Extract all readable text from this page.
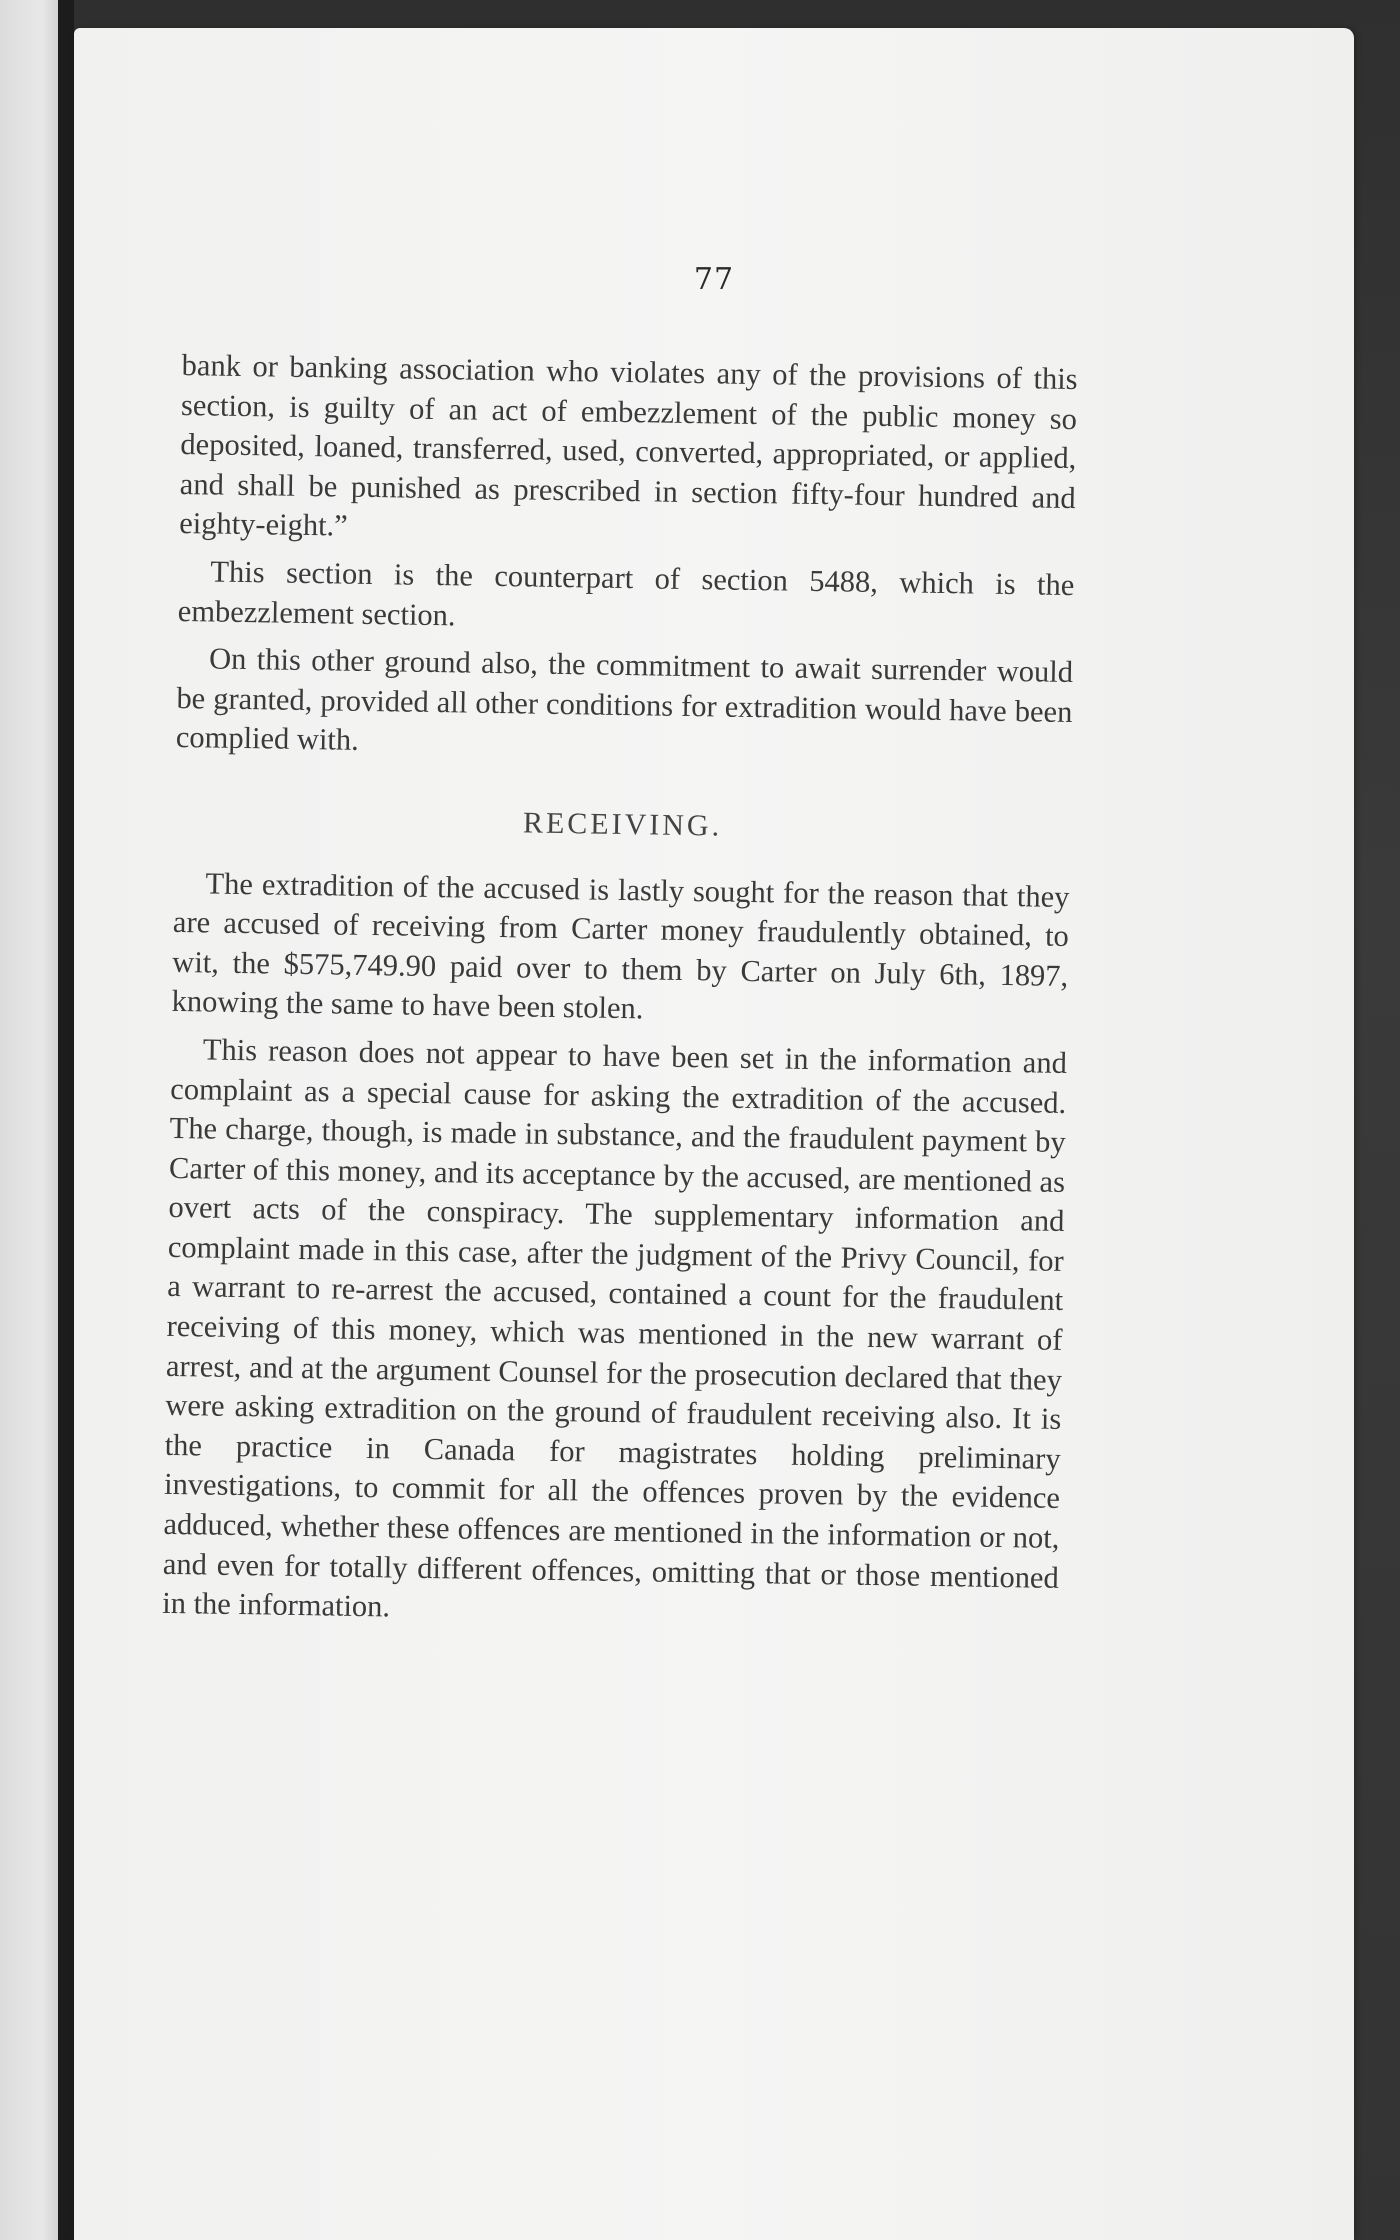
77

bank or banking association who violates any of the provisions of this section, is guilty of an act of embezzlement of the public money so deposited, loaned, transferred, used, converted, appropriated, or applied, and shall be punished as prescribed in section fifty-four hundred and eighty-eight.”

This section is the counterpart of section 5488, which is the embezzlement section.

On this other ground also, the commitment to await surrender would be granted, provided all other conditions for extradition would have been complied with.

RECEIVING.

The extradition of the accused is lastly sought for the reason that they are accused of receiving from Carter money fraudulently obtained, to wit, the $575,749.90 paid over to them by Carter on July 6th, 1897, knowing the same to have been stolen.

This reason does not appear to have been set in the information and complaint as a special cause for asking the extradition of the accused. The charge, though, is made in substance, and the fraudulent payment by Carter of this money, and its acceptance by the accused, are mentioned as overt acts of the conspiracy. The supplementary information and complaint made in this case, after the judgment of the Privy Council, for a warrant to re-arrest the accused, contained a count for the fraudulent receiving of this money, which was mentioned in the new warrant of arrest, and at the argument Counsel for the prosecution declared that they were asking extradition on the ground of fraudulent receiving also. It is the practice in Canada for magistrates holding preliminary investigations, to commit for all the offences proven by the evidence adduced, whether these offences are mentioned in the information or not, and even for totally different offences, omitting that or those mentioned in the information.
